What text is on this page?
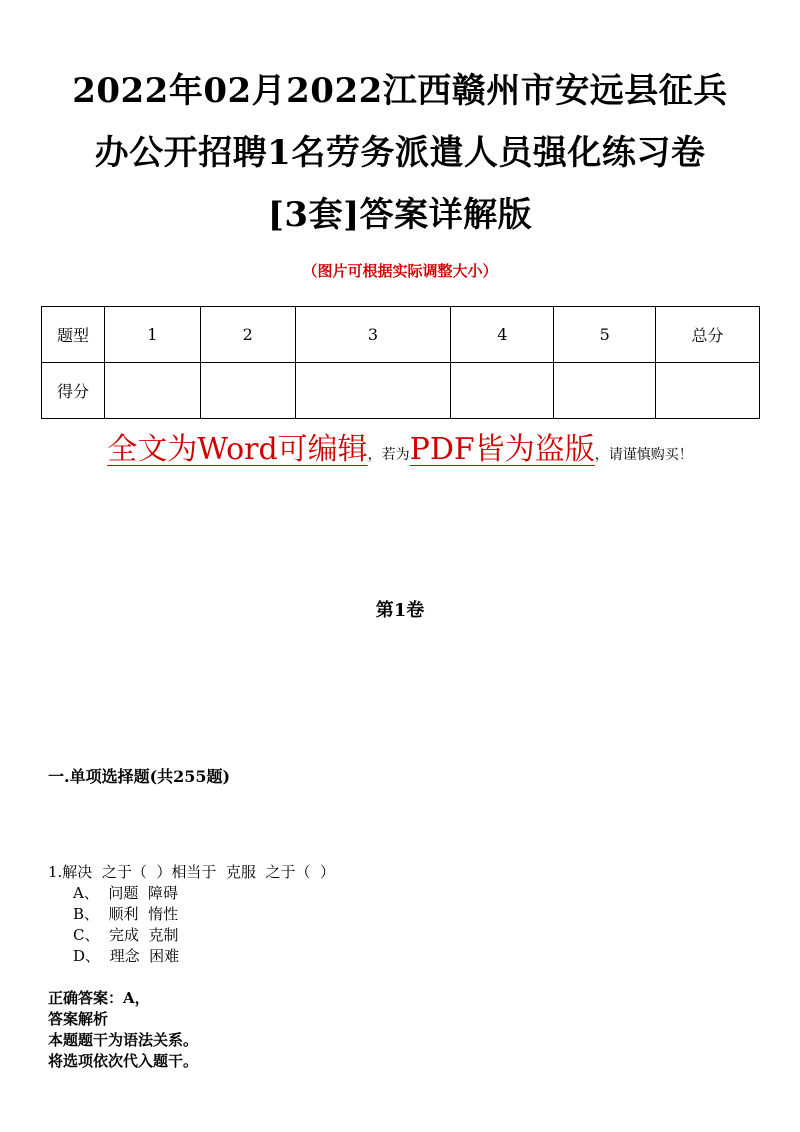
2022年02月2022江西赣州市安远县征兵
办公开招聘1名劳务派遣人员强化练习卷
[3套]答案详解版
（图片可根据实际调整大小）
题型	1	2	3	4	5	总分
得分						
全文为Word可编辑，若为PDF皆为盗版，请谨慎购买！
第1卷
一.单项选择题(共255题)
1.解决  之于（  ）相当于  克服  之于（  ）
A、  问题  障碍
B、  顺利  惰性
C、  完成  克制
D、  理念  困难
正确答案：A，
答案解析
本题题干为语法关系。
将选项依次代入题干。
